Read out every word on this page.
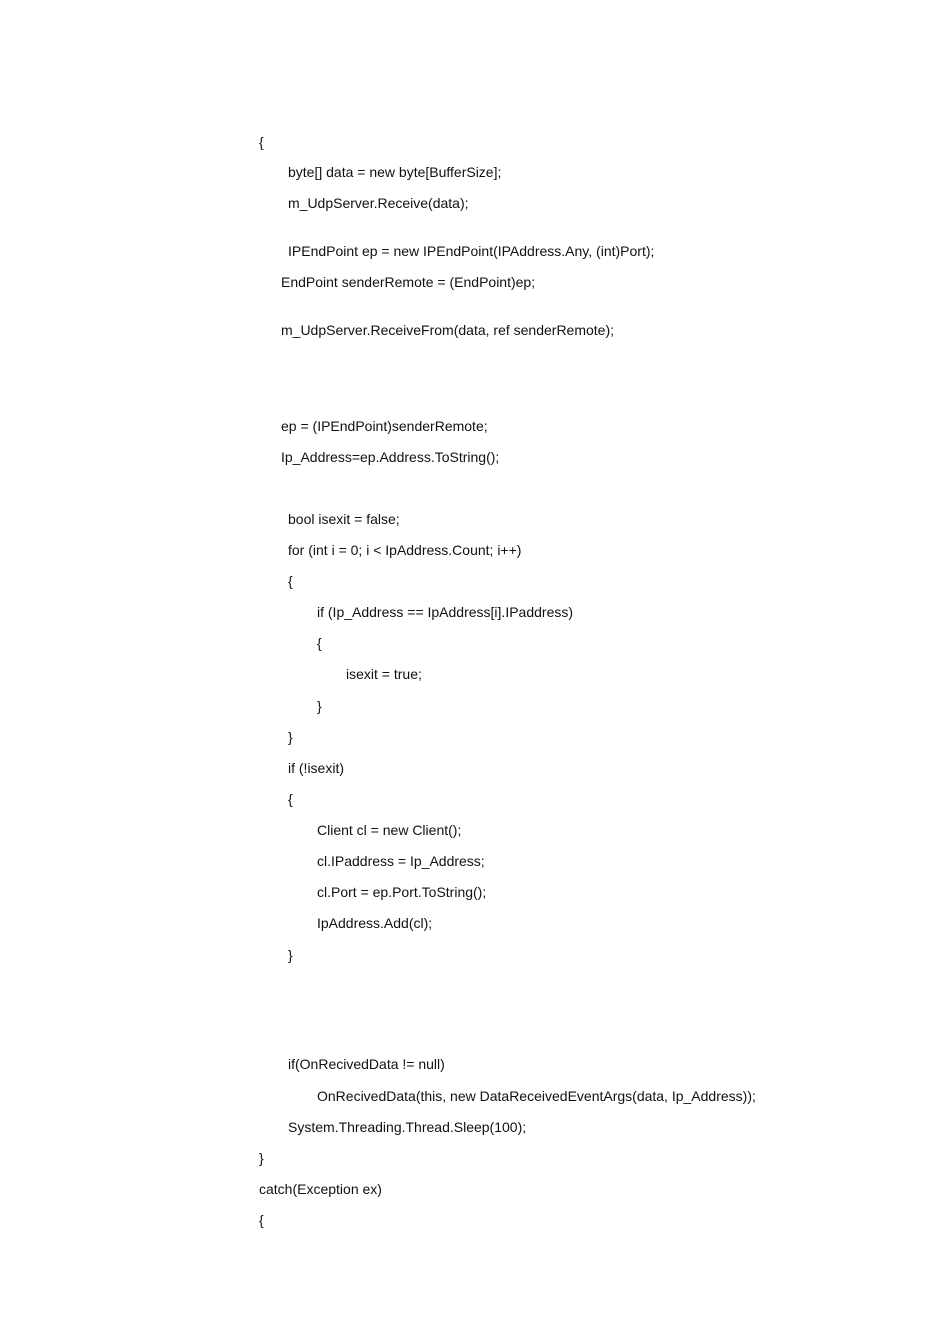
{
byte[] data = new byte[BufferSize];
m_UdpServer.Receive(data);
IPEndPoint ep = new IPEndPoint(IPAddress.Any, (int)Port);
EndPoint senderRemote = (EndPoint)ep;
m_UdpServer.ReceiveFrom(data, ref senderRemote);
ep = (IPEndPoint)senderRemote;
Ip_Address=ep.Address.ToString();
bool isexit = false;
for (int i = 0; i < IpAddress.Count; i++)
{
if (Ip_Address == IpAddress[i].IPaddress)
{
isexit = true;
}
}
if (!isexit)
{
Client cl = new Client();
cl.IPaddress = Ip_Address;
cl.Port = ep.Port.ToString();
IpAddress.Add(cl);
}
if(OnRecivedData != null)
OnRecivedData(this, new DataReceivedEventArgs(data, Ip_Address));
System.Threading.Thread.Sleep(100);
}
catch(Exception ex)
{
